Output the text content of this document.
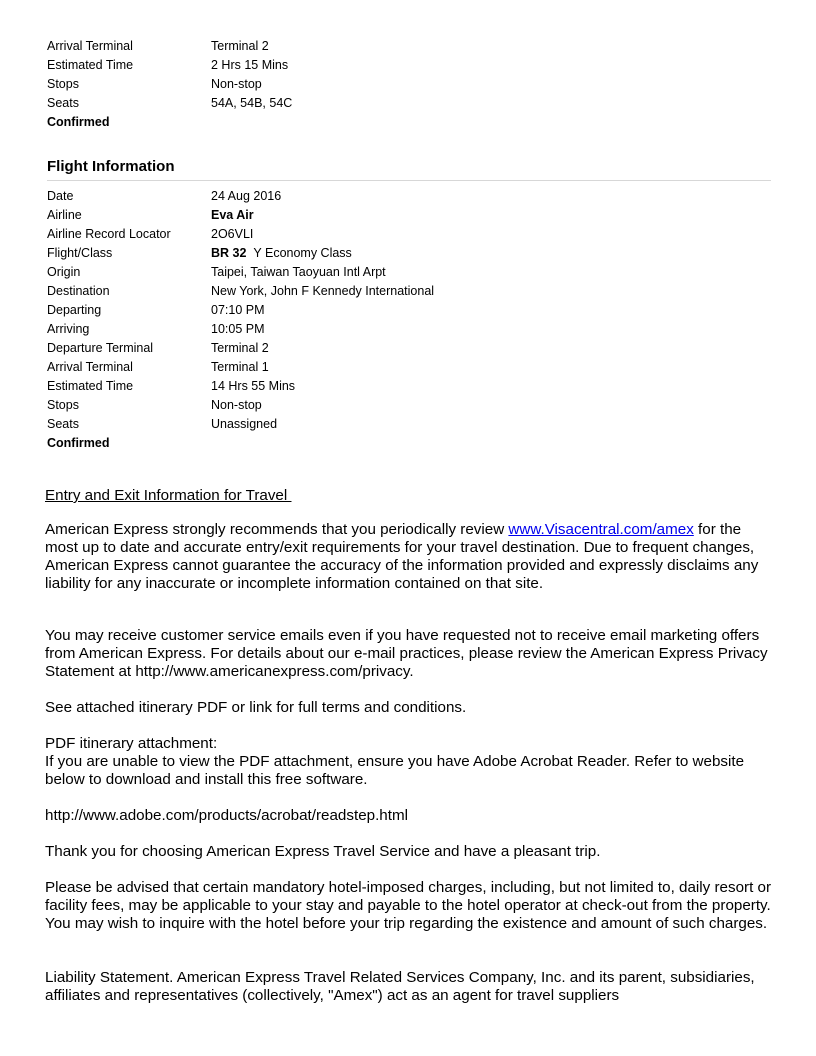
Arrival Terminal	Terminal 2
Estimated Time	2 Hrs 15 Mins
Stops	Non-stop
Seats	54A, 54B, 54C
Confirmed
Flight Information
Date	24 Aug 2016
Airline	Eva Air
Airline Record Locator	2O6VLI
Flight/Class	BR 32 Y Economy Class
Origin	Taipei, Taiwan Taoyuan Intl Arpt
Destination	New York, John F Kennedy International
Departing	07:10 PM
Arriving	10:05 PM
Departure Terminal	Terminal 2
Arrival Terminal	Terminal 1
Estimated Time	14 Hrs 55 Mins
Stops	Non-stop
Seats	Unassigned
Confirmed

Entry and Exit Information for Travel

American Express strongly recommends that you periodically review www.Visacentral.com/amex for the most up to date and accurate entry/exit requirements for your travel destination. Due to frequent changes, American Express cannot guarantee the accuracy of the information provided and expressly disclaims any liability for any inaccurate or incomplete information contained on that site.

You may receive customer service emails even if you have requested not to receive email marketing offers from American Express. For details about our e-mail practices, please review the American Express Privacy Statement at http://www.americanexpress.com/privacy.

See attached itinerary PDF or link for full terms and conditions.

PDF itinerary attachment:

If you are unable to view the PDF attachment, ensure you have Adobe Acrobat Reader. Refer to website below to download and install this free software.

http://www.adobe.com/products/acrobat/readstep.html

Thank you for choosing American Express Travel Service and have a pleasant trip.

Please be advised that certain mandatory hotel-imposed charges, including, but not limited to, daily resort or facility fees, may be applicable to your stay and payable to the hotel operator at check-out from the property. You may wish to inquire with the hotel before your trip regarding the existence and amount of such charges.

Liability Statement. American Express Travel Related Services Company, Inc. and its parent, subsidiaries, affiliates and representatives (collectively, "Amex") act as an agent for travel suppliers
